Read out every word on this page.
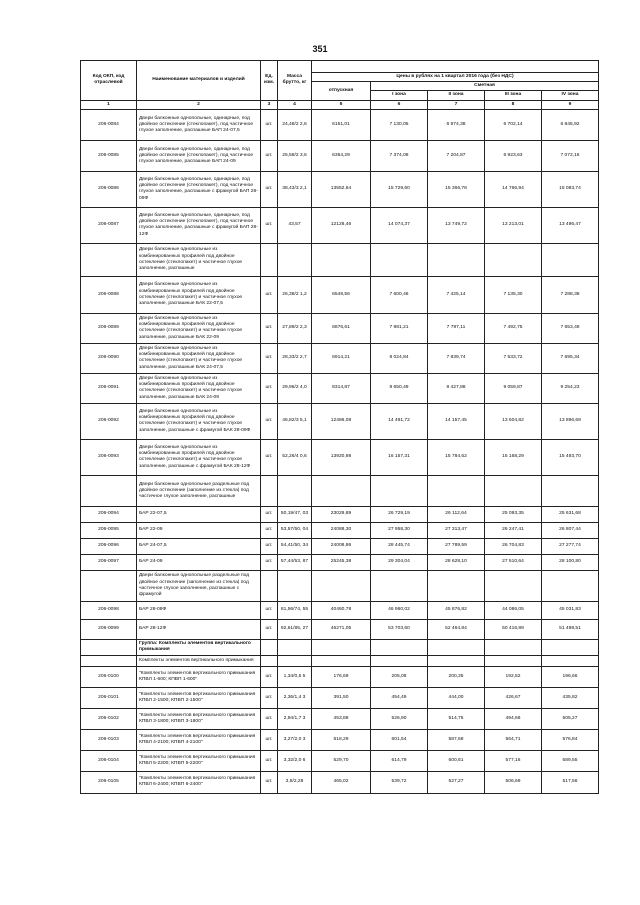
351
Код ОКП, код отраслевой	Наименование материалов и изделий	Ед. изм.	Масса брутто, кг					
				Цены в рублях на 1 квартал 2016 года (без НДС)				
				отпускная	Сметная			
					I зона	II зона	III зона	IV зона
1	2	3	4	5	6	7	8	9
206-0084	Двери балконные однопольные, одинарные, под двойное остекление (стеклопакет), под частичное глухое заполнение, распашные БАП 24-07,5	шт.	24,48/2 2,6	6151,01	7 130,05	6 974,38	6 702,14	6 845,92
206-0085	Двери балконные однопольные, одинарные, под двойное остекление (стеклопакет), под частичное глухое заполнение, распашные БАП 24-09	шт.	25,58/2 3,6	6354,29	7 374,08	7 204,87	6 923,63	7 072,16
206-0086	Двери балконные однопольные, одинарные, под двойное остекление (стеклопакет), под частичное глухое заполнение, распашные с фрамугой БАП 28-09Ф	шт.	38,43/3 2,1	13552,64	15 729,60	15 366,78	14 766,94	15 083,74
206-0087	Двери балконные однопольные, одинарные, под двойное остекление (стеклопакет), под частичное глухое заполнение, распашные с фрамугой БАП 28-12Ф	шт.	43,57	12128,46	14 074,37	13 749,72	13 213,01	13 496,47
	Двери балконные однопольные из комбинированных профилей под двойное остекление (стеклопакет) и частичное глухое заполнение, распашные							
206-0088	Двери балконные однопольные из комбинированных профилей под двойное остекление (стеклопакет) и частичное глухое заполнение, распашные БАК 22-07,5	шт.	26,38/2 1,2	6548,56	7 600,46	7 425,14	7 135,30	7 288,38
206-0089	Двери балконные однопольные из комбинированных профилей под двойное остекление (стеклопакет) и частичное глухое заполнение, распашные БАК 22-09	шт.	27,89/2 2,3	6876,61	7 981,21	7 797,11	7 492,75	7 653,49
206-0090	Двери балконные однопольные из комбинированных профилей под двойное остекление (стеклопакет) и частичное глухое заполнение, распашные БАК 24-07,5	шт.	28,33/2 2,7	6914,21	8 024,84	7 839,74	7 533,72	7 695,34
206-0091	Двери балконные однопольные из комбинированных профилей под двойное остекление (стеклопакет) и частичное глухое заполнение, распашные БАК 24-09	шт.	29,96/2 4,0	8314,87	9 650,49	9 427,88	9 059,87	9 254,23
206-0092	Двери балконные однопольные из комбинированных профилей под двойное остекление (стеклопакет) и частичное глухое заполнение, распашные с фрамугой БАК 28-09Ф	шт.	46,82/3 5,1	12486,08	14 491,72	14 157,45	13 604,82	13 896,69
206-0093	Двери балконные однопольные из комбинированных профилей под двойное остекление (стеклопакет) и частичное глухое заполнение, распашные с фрамугой БАК 28-12Ф	шт.	52,26/4 0,6	13920,98	16 157,31	15 784,62	15 168,29	15 493,70
	Двери балконные однопольные раздельные под двойное остекление (заполнение из стекла) под частичное глухое заполнение, распашные							
206-0094	БАР 22-07,5	шт.	50,19/47, 03	23029,89	26 729,19	26 112,64	25 093,35	25 631,68
206-0095	БАР 22-09	шт.	53,57/50, 04	24088,30	27 958,30	27 313,47	26 247,41	26 807,44
206-0096	БАР 24-07,5	шт.	54,41/50, 34	24008,86	28 445,74	27 789,59	26 704,83	27 277,74
206-0097	БАР 24-09	шт.	57,44/53, 87	25245,38	29 304,04	28 628,10	27 510,64	28 100,80
	Двери балконные однопольные раздельные под двойное остекление (заполнение из стекла) под частичное глухое заполнение, распашные с фрамугой							
206-0098	БАР 28-09Ф	шт.	81,56/74, 55	40460,78	46 960,02	45 876,82	44 086,05	45 031,83
206-0099	БАР 28-12Ф	шт.	92,61/85, 27	46271,05	53 703,60	52 464,84	50 416,89	51 498,51
	Группа: Комплекты элементов вертикального примыкания							
	Комплекты элементов вертикального примыкания							
206-0100	"Комплекты элементов вертикального примыкания КПВЛ 1-600; КПВП 1-600"	шт.	1,34/0,5 5	176,69	205,08	200,35	192,52	196,66
206-0101	"Комплекты элементов вертикального примыкания КПВЛ 2-1500; КПВП 2-1500"	шт.	2,36/1,4 3	391,50	454,49	444,00	426,67	435,82
206-0102	"Комплекты элементов вертикального примыкания КПВЛ 3-1800; КПВП 3-1800"	шт.	2,94/1,7 3	453,88	526,90	514,75	494,66	505,27
206-0103	"Комплекты элементов вертикального примыкания КПВЛ 4-2100; КПВП 4-2100"	шт.	3,27/2,0 3	518,29	601,54	587,68	564,71	576,84
206-0104	"Комплекты элементов вертикального примыкания КПВЛ 5-2200; КПВП 5-2200"	шт.	3,32/2,0 6	529,70	614,79	600,61	577,16	589,55
206-0105	"Комплекты элементов вертикального примыкания КПВЛ 6-2400; КПВП 6-2400"	шт.	3,8/2,28	465,02	539,72	527,27	506,69	517,56
